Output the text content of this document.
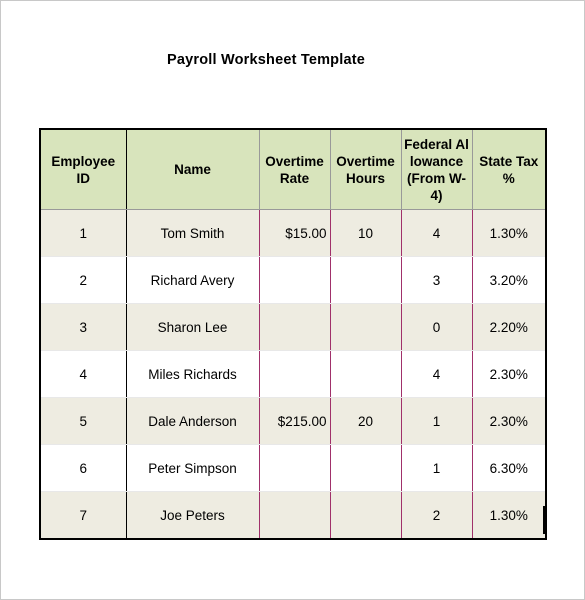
Payroll Worksheet Template
Employee ID	Name	Overtime Rate	Overtime Hours	Federal Allowance (From W-4)	State Tax %
1	Tom Smith	$15.00	10	4	1.30%
2	Richard Avery			3	3.20%
3	Sharon Lee			0	2.20%
4	Miles Richards			4	2.30%
5	Dale Anderson	$215.00	20	1	2.30%
6	Peter Simpson			1	6.30%
7	Joe Peters			2	1.30%
